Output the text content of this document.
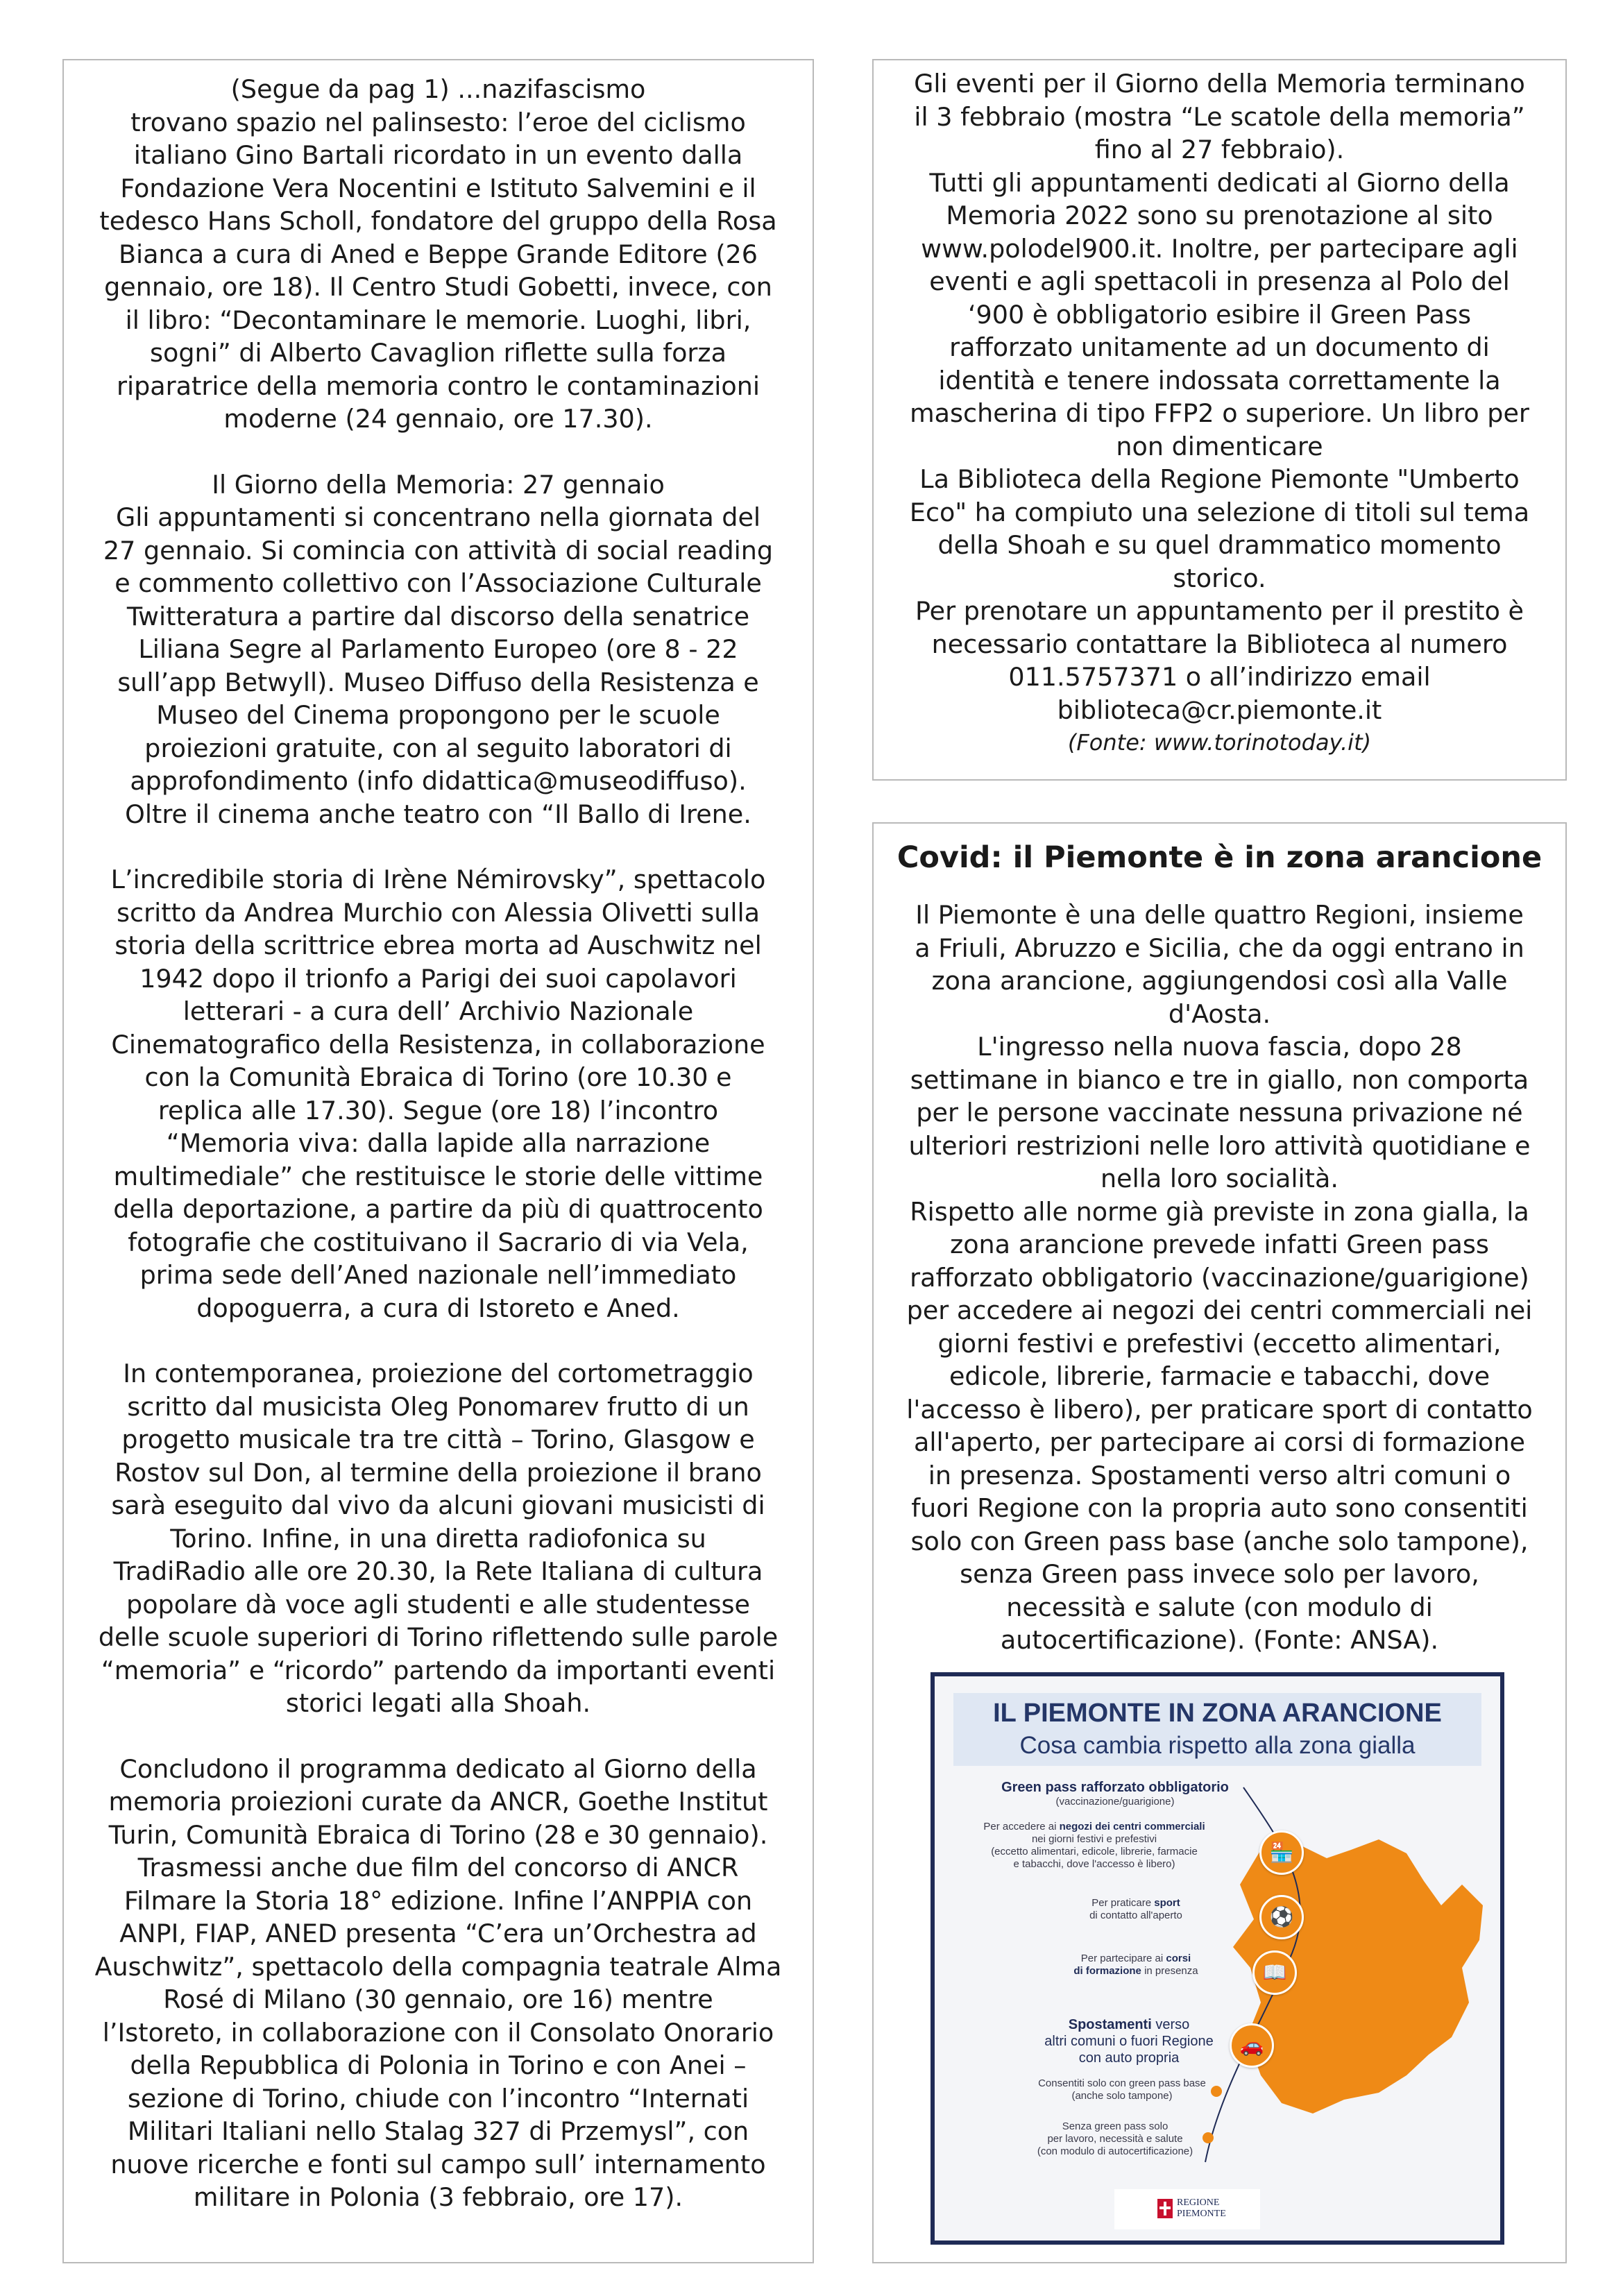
(Segue da pag 1) ...nazifascismo

trovano spazio nel palinsesto: l’eroe del ciclismo

italiano Gino Bartali ricordato in un evento dalla

Fondazione Vera Nocentini e Istituto Salvemini e il

tedesco Hans Scholl, fondatore del gruppo della Rosa

Bianca a cura di Aned e Beppe Grande Editore (26

gennaio, ore 18). Il Centro Studi Gobetti, invece, con

il libro: “Decontaminare le memorie. Luoghi, libri,

sogni” di Alberto Cavaglion riflette sulla forza

riparatrice della memoria contro le contaminazioni

moderne (24 gennaio, ore 17.30).

Il Giorno della Memoria: 27 gennaio

Gli appuntamenti si concentrano nella giornata del

27 gennaio. Si comincia con attività di social reading

e commento collettivo con l’Associazione Culturale

Twitteratura a partire dal discorso della senatrice

Liliana Segre al Parlamento Europeo (ore 8 - 22

sull’app Betwyll). Museo Diffuso della Resistenza e

Museo del Cinema propongono per le scuole

proiezioni gratuite, con al seguito laboratori di

approfondimento (info didattica@museodiffuso).

Oltre il cinema anche teatro con “Il Ballo di Irene.

L’incredibile storia di Irène Némirovsky”, spettacolo

scritto da Andrea Murchio con Alessia Olivetti sulla

storia della scrittrice ebrea morta ad Auschwitz nel

1942 dopo il trionfo a Parigi dei suoi capolavori

letterari - a cura dell’ Archivio Nazionale

Cinematografico della Resistenza, in collaborazione

con la Comunità Ebraica di Torino (ore 10.30 e

replica alle 17.30). Segue (ore 18) l’incontro

“Memoria viva: dalla lapide alla narrazione

multimediale” che restituisce le storie delle vittime

della deportazione, a partire da più di quattrocento

fotografie che costituivano il Sacrario di via Vela,

prima sede dell’Aned nazionale nell’immediato

dopoguerra, a cura di Istoreto e Aned.

In contemporanea, proiezione del cortometraggio

scritto dal musicista Oleg Ponomarev frutto di un

progetto musicale tra tre città – Torino, Glasgow e

Rostov sul Don, al termine della proiezione il brano

sarà eseguito dal vivo da alcuni giovani musicisti di

Torino. Infine, in una diretta radiofonica su

TradiRadio alle ore 20.30, la Rete Italiana di cultura

popolare dà voce agli studenti e alle studentesse

delle scuole superiori di Torino riflettendo sulle parole

“memoria” e “ricordo” partendo da importanti eventi

storici legati alla Shoah.

Concludono il programma dedicato al Giorno della

memoria proiezioni curate da ANCR, Goethe Institut

Turin, Comunità Ebraica di Torino (28 e 30 gennaio).

Trasmessi anche due film del concorso di ANCR

Filmare la Storia 18° edizione. Infine l’ANPPIA con

ANPI, FIAP, ANED presenta “C’era un’Orchestra ad

Auschwitz”, spettacolo della compagnia teatrale Alma

Rosé di Milano (30 gennaio, ore 16) mentre

l’Istoreto, in collaborazione con il Consolato Onorario

della Repubblica di Polonia in Torino e con Anei –

sezione di Torino, chiude con l’incontro “Internati

Militari Italiani nello Stalag 327 di Przemysl”, con

nuove ricerche e fonti sul campo sull’ internamento

militare in Polonia (3 febbraio, ore 17).

Gli eventi per il Giorno della Memoria terminano

il 3 febbraio (mostra “Le scatole della memoria”

fino al 27 febbraio).

Tutti gli appuntamenti dedicati al Giorno della

Memoria 2022 sono su prenotazione al sito

www.polodel900.it. Inoltre, per partecipare agli

eventi e agli spettacoli in presenza al Polo del

‘900 è obbligatorio esibire il Green Pass

rafforzato unitamente ad un documento di

identità e tenere indossata correttamente la

mascherina di tipo FFP2 o superiore. Un libro per

non dimenticare

La Biblioteca della Regione Piemonte "Umberto

Eco" ha compiuto una selezione di titoli sul tema

della Shoah e su quel drammatico momento

storico.

Per prenotare un appuntamento per il prestito è

necessario contattare la Biblioteca al numero

011.5757371 o all’indirizzo email

biblioteca@cr.piemonte.it

(Fonte: www.torinotoday.it)

Covid: il Piemonte è in zona arancione

Il Piemonte è una delle quattro Regioni, insieme

a Friuli, Abruzzo e Sicilia, che da oggi entrano in

zona arancione, aggiungendosi così alla Valle

d'Aosta.

L'ingresso nella nuova fascia, dopo 28

settimane in bianco e tre in giallo, non comporta

per le persone vaccinate nessuna privazione né

ulteriori restrizioni nelle loro attività quotidiane e

nella loro socialità.

Rispetto alle norme già previste in zona gialla, la

zona arancione prevede infatti Green pass

rafforzato obbligatorio (vaccinazione/guarigione)

per accedere ai negozi dei centri commerciali nei

giorni festivi e prefestivi (eccetto alimentari,

edicole, librerie, farmacie e tabacchi, dove

l'accesso è libero), per praticare sport di contatto

all'aperto, per partecipare ai corsi di formazione

in presenza. Spostamenti verso altri comuni o

fuori Regione con la propria auto sono consentiti

solo con Green pass base (anche solo tampone),

senza Green pass invece solo per lavoro,

necessità e salute (con modulo di

autocertificazione). (Fonte: ANSA).

IL PIEMONTE IN ZONA ARANCIONE
Cosa cambia rispetto alla zona gialla
Green pass rafforzato obbligatorio
(vaccinazione/guarigione)
Per accedere ai negozi dei centri commerciali
nei giorni festivi e prefestivi
(eccetto alimentari, edicole, librerie, farmacie
e tabacchi, dove l'accesso è libero)
🏪
Per praticare sport
di contatto all'aperto	⚽
Per partecipare ai corsi
di formazione in presenza	📖
Spostamenti verso
altri comuni o fuori Regione
con auto propria
🚗
Consentiti solo con green pass base
(anche solo tampone)
Senza green pass solo
per lavoro, necessità e salute
(con modulo di autocertificazione)
REGIONE
PIEMONTE
